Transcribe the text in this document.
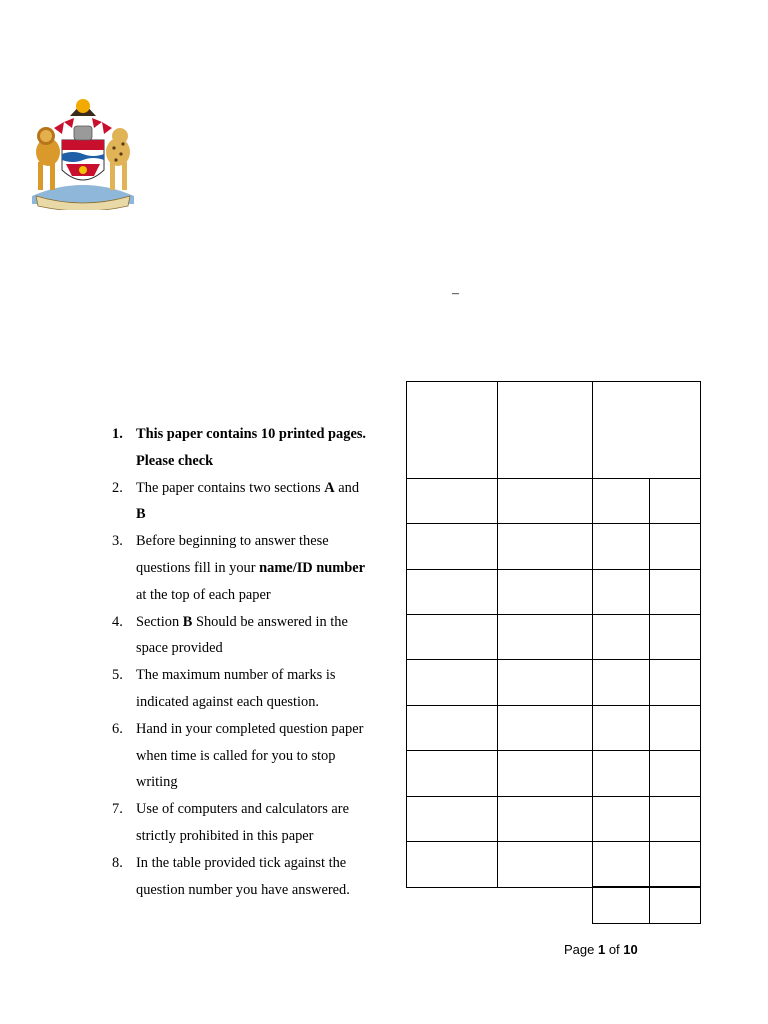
–
1. This paper contains 10 printed pages. Please check
2. The paper contains two sections A and B
3. Before beginning to answer these questions fill in your name/ID number at the top of each paper
4. Section B Should be answered in the space provided
5. The maximum number of marks is indicated against each question.
6. Hand in your completed question paper when time is called for you to stop writing
7. Use of computers and calculators are strictly prohibited in this paper
8. In the table provided tick against the question number you have answered.
Page 1 of 10
